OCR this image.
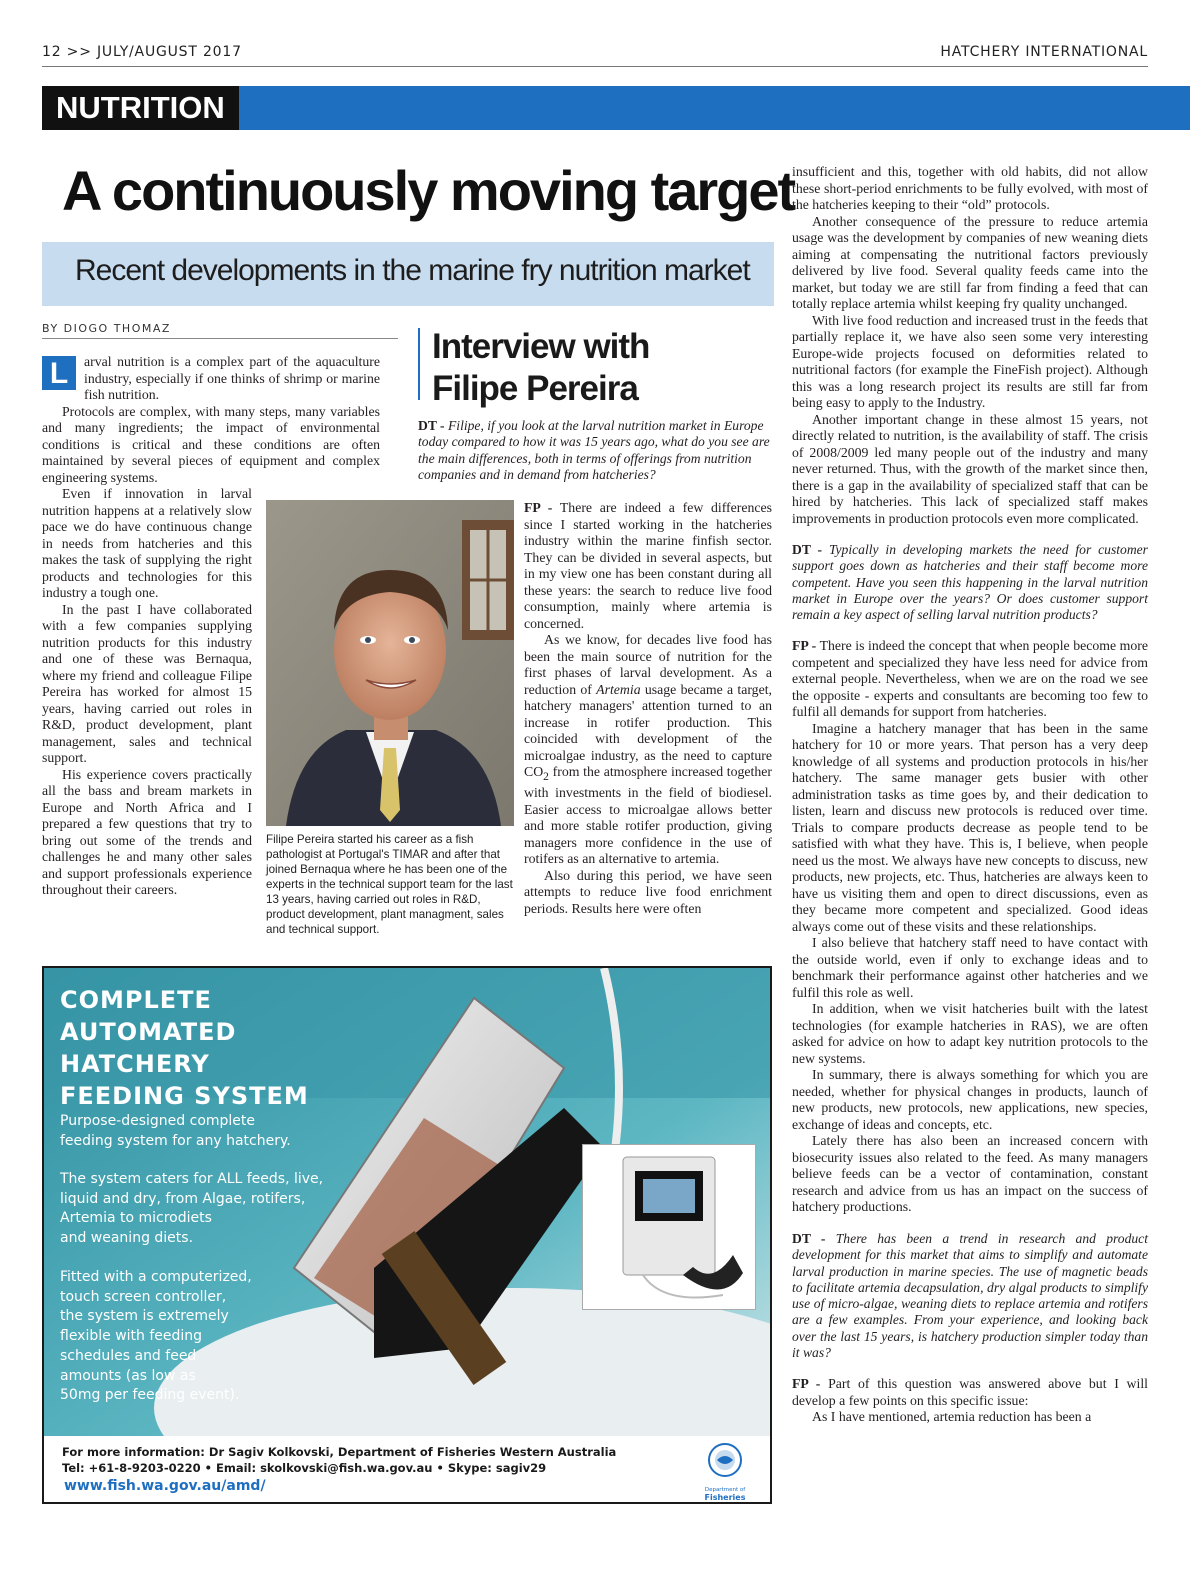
12 >> JULY/AUGUST 2017	HATCHERY INTERNATIONAL
NUTRITION
A continuously moving target
Recent developments in the marine fry nutrition market
BY DIOGO THOMAZ

L	arval nutrition is a complex part of the aquaculture industry, especially if one thinks of shrimp or marine fish nutrition.

Protocols are complex, with many steps, many variables and many ingredients; the impact of environmental conditions is critical and these conditions are often maintained by several pieces of equipment and complex engineering systems.

Even if innovation in larval nutrition happens at a relatively slow pace we do have continuous change in needs from hatcheries and this makes the task of supplying the right products and technologies for this industry a tough one.

In the past I have collaborated with a few companies supplying nutrition products for this industry and one of these was Bernaqua, where my friend and colleague Filipe Pereira has worked for almost 15 years, having carried out roles in R&D, product development, plant management, sales and technical support.

His experience covers practically all the bass and bream markets in Europe and North Africa and I prepared a few questions that try to bring out some of the trends and challenges he and many other sales and support professionals experience throughout their careers.

Interview with
Filipe Pereira
DT - Filipe, if you look at the larval nutrition market in Europe today compared to how it was 15 years ago, what do you see are the main differences, both in terms of offerings from nutrition companies and in demand from hatcheries?
Filipe Pereira started his career as a fish pathologist at Portugal's TIMAR and after that joined Bernaqua where he has been one of the experts in the technical support team for the last 13 years, having carried out roles in R&D, product development, plant managment, sales and technical support.

FP - There are indeed a few differences since I started working in the hatcheries industry within the marine finfish sector. They can be divided in several aspects, but in my view one has been constant during all these years: the search to reduce live food consumption, mainly where artemia is concerned.

As we know, for decades live food has been the main source of nutrition for the first phases of larval development. As a reduction of Artemia usage became a target, hatchery managers' attention turned to an increase in rotifer production. This coincided with development of the microalgae industry, as the need to capture $CO_2$ from the atmosphere increased together with investments in the field of biodiesel. Easier access to microalgae allows better and more stable rotifer production, giving managers more confidence in the use of rotifers as an alternative to artemia.

Also during this period, we have seen attempts to reduce live food enrichment periods. Results here were often

insufficient and this, together with old habits, did not allow these short-period enrichments to be fully evolved, with most of the hatcheries keeping to their “old” protocols.

Another consequence of the pressure to reduce artemia usage was the development by companies of new weaning diets aiming at compensating the nutritional factors previously delivered by live food. Several quality feeds came into the market, but today we are still far from finding a feed that can totally replace artemia whilst keeping fry quality unchanged.

With live food reduction and increased trust in the feeds that partially replace it, we have also seen some very interesting Europe-wide projects focused on deformities related to nutritional factors (for example the FineFish project). Although this was a long research project its results are still far from being easy to apply to the Industry.

Another important change in these almost 15 years, not directly related to nutrition, is the availability of staff. The crisis of 2008/2009 led many people out of the industry and many never returned. Thus, with the growth of the market since then, there is a gap in the availability of specialized staff that can be hired by hatcheries. This lack of specialized staff makes improvements in production protocols even more complicated.

DT - Typically in developing markets the need for customer support goes down as hatcheries and their staff become more competent. Have you seen this happening in the larval nutrition market in Europe over the years? Or does customer support remain a key aspect of selling larval nutrition products?

FP - There is indeed the concept that when people become more competent and specialized they have less need for advice from external people. Nevertheless, when we are on the road we see the opposite - experts and consultants are becoming too few to fulfil all demands for support from hatcheries.

Imagine a hatchery manager that has been in the same hatchery for 10 or more years. That person has a very deep knowledge of all systems and production protocols in his/her hatchery. The same manager gets busier with other administration tasks as time goes by, and their dedication to listen, learn and discuss new protocols is reduced over time. Trials to compare products decrease as people tend to be satisfied with what they have. This is, I believe, when people need us the most. We always have new concepts to discuss, new products, new projects, etc. Thus, hatcheries are always keen to have us visiting them and open to direct discussions, even as they became more competent and specialized. Good ideas always come out of these visits and these relationships.

I also believe that hatchery staff need to have contact with the outside world, even if only to exchange ideas and to benchmark their performance against other hatcheries and we fulfil this role as well.

In addition, when we visit hatcheries built with the latest technologies (for example hatcheries in RAS), we are often asked for advice on how to adapt key nutrition protocols to the new systems.

In summary, there is always something for which you are needed, whether for physical changes in products, launch of new products, new protocols, new applications, new species, exchange of ideas and concepts, etc.

Lately there has also been an increased concern with biosecurity issues also related to the feed. As many managers believe feeds can be a vector of contamination, constant research and advice from us has an impact on the success of hatchery productions.

DT - There has been a trend in research and product development for this market that aims to simplify and automate larval production in marine species. The use of magnetic beads to facilitate artemia decapsulation, dry algal products to simplify use of micro-algae, weaning diets to replace artemia and rotifers are a few examples. From your experience, and looking back over the last 15 years, is hatchery production simpler today than it was?

FP - Part of this question was answered above but I will develop a few points on this specific issue:

As I have mentioned, artemia reduction has been a

COMPLETE
AUTOMATED
HATCHERY
FEEDING SYSTEM
Purpose-designed complete
feeding system for any hatchery.
The system caters for ALL feeds, live,
liquid and dry, from Algae, rotifers,
Artemia to microdiets
and weaning diets.
Fitted with a computerized,
touch screen controller,
the system is extremely
flexible with feeding
schedules and feed
amounts (as low as
50mg per feeding event).
For more information: Dr Sagiv Kolkovski, Department of Fisheries Western Australia
Tel: +61-8-9203-0220 • Email: skolkovski@fish.wa.gov.au • Skype: sagiv29
www.fish.wa.gov.au/amd/	Department of
Fisheries
